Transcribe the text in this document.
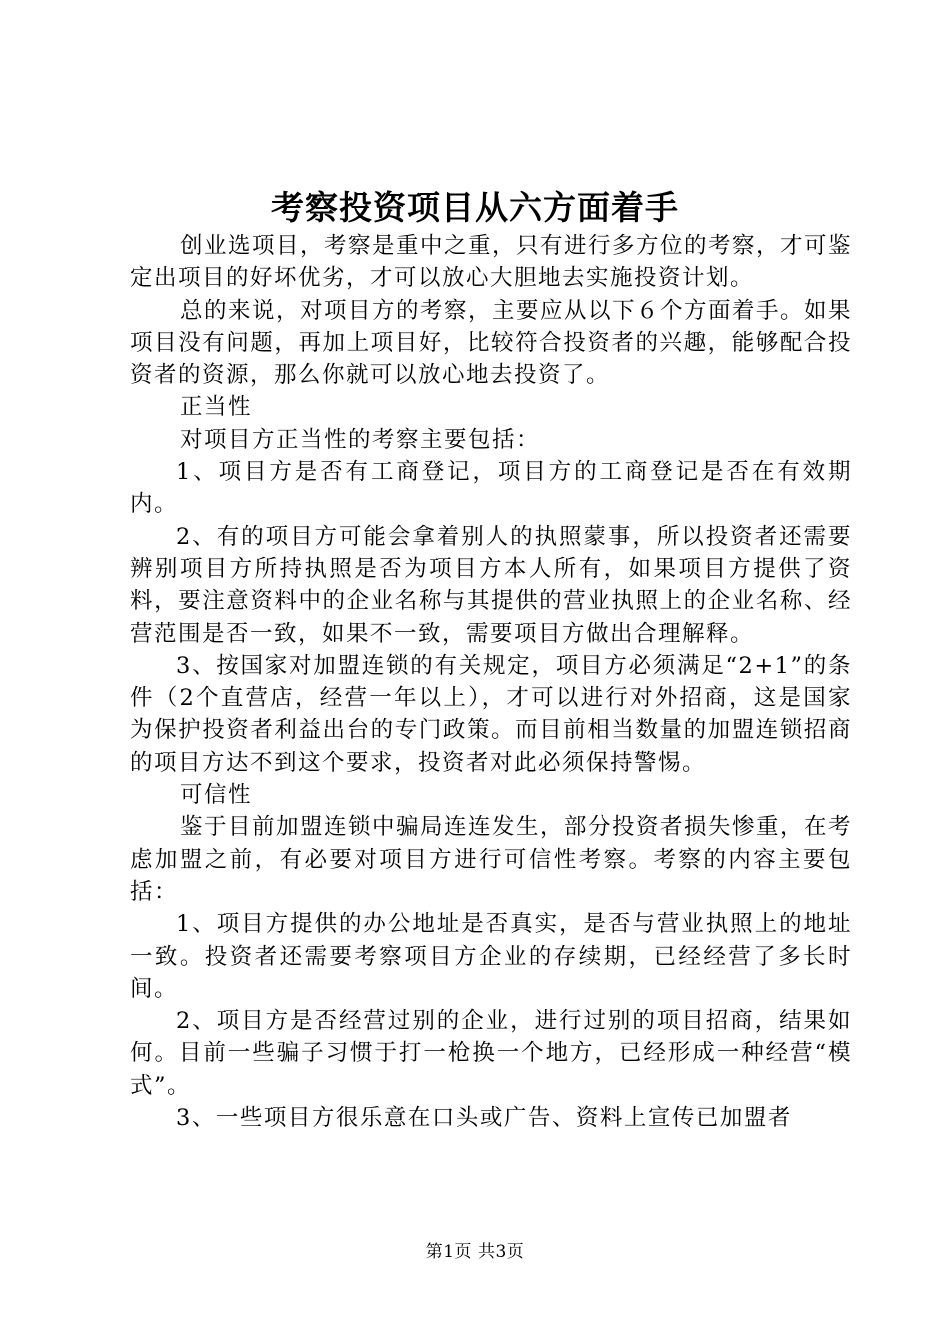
考察投资项目从六方面着手

创业选项目，考察是重中之重，只有进行多方位的考察，才可鉴定出项目的好坏优劣，才可以放心大胆地去实施投资计划。

总的来说，对项目方的考察，主要应从以下６个方面着手。如果项目没有问题，再加上项目好，比较符合投资者的兴趣，能够配合投资者的资源，那么你就可以放心地去投资了。

正当性

对项目方正当性的考察主要包括：

1、项目方是否有工商登记，项目方的工商登记是否在有效期内。

2、有的项目方可能会拿着别人的执照蒙事，所以投资者还需要辨别项目方所持执照是否为项目方本人所有，如果项目方提供了资料，要注意资料中的企业名称与其提供的营业执照上的企业名称、经营范围是否一致，如果不一致，需要项目方做出合理解释。

3、按国家对加盟连锁的有关规定，项目方必须满足“2+1”的条件（2个直营店，经营一年以上），才可以进行对外招商，这是国家为保护投资者利益出台的专门政策。而目前相当数量的加盟连锁招商的项目方达不到这个要求，投资者对此必须保持警惕。

可信性

鉴于目前加盟连锁中骗局连连发生，部分投资者损失惨重，在考虑加盟之前，有必要对项目方进行可信性考察。考察的内容主要包括：

1、项目方提供的办公地址是否真实，是否与营业执照上的地址一致。投资者还需要考察项目方企业的存续期，已经经营了多长时间。

2、项目方是否经营过别的企业，进行过别的项目招商，结果如何。目前一些骗子习惯于打一枪换一个地方，已经形成一种经营“模式”。

3、一些项目方很乐意在口头或广告、资料上宣传已加盟者

第1页 共3页
